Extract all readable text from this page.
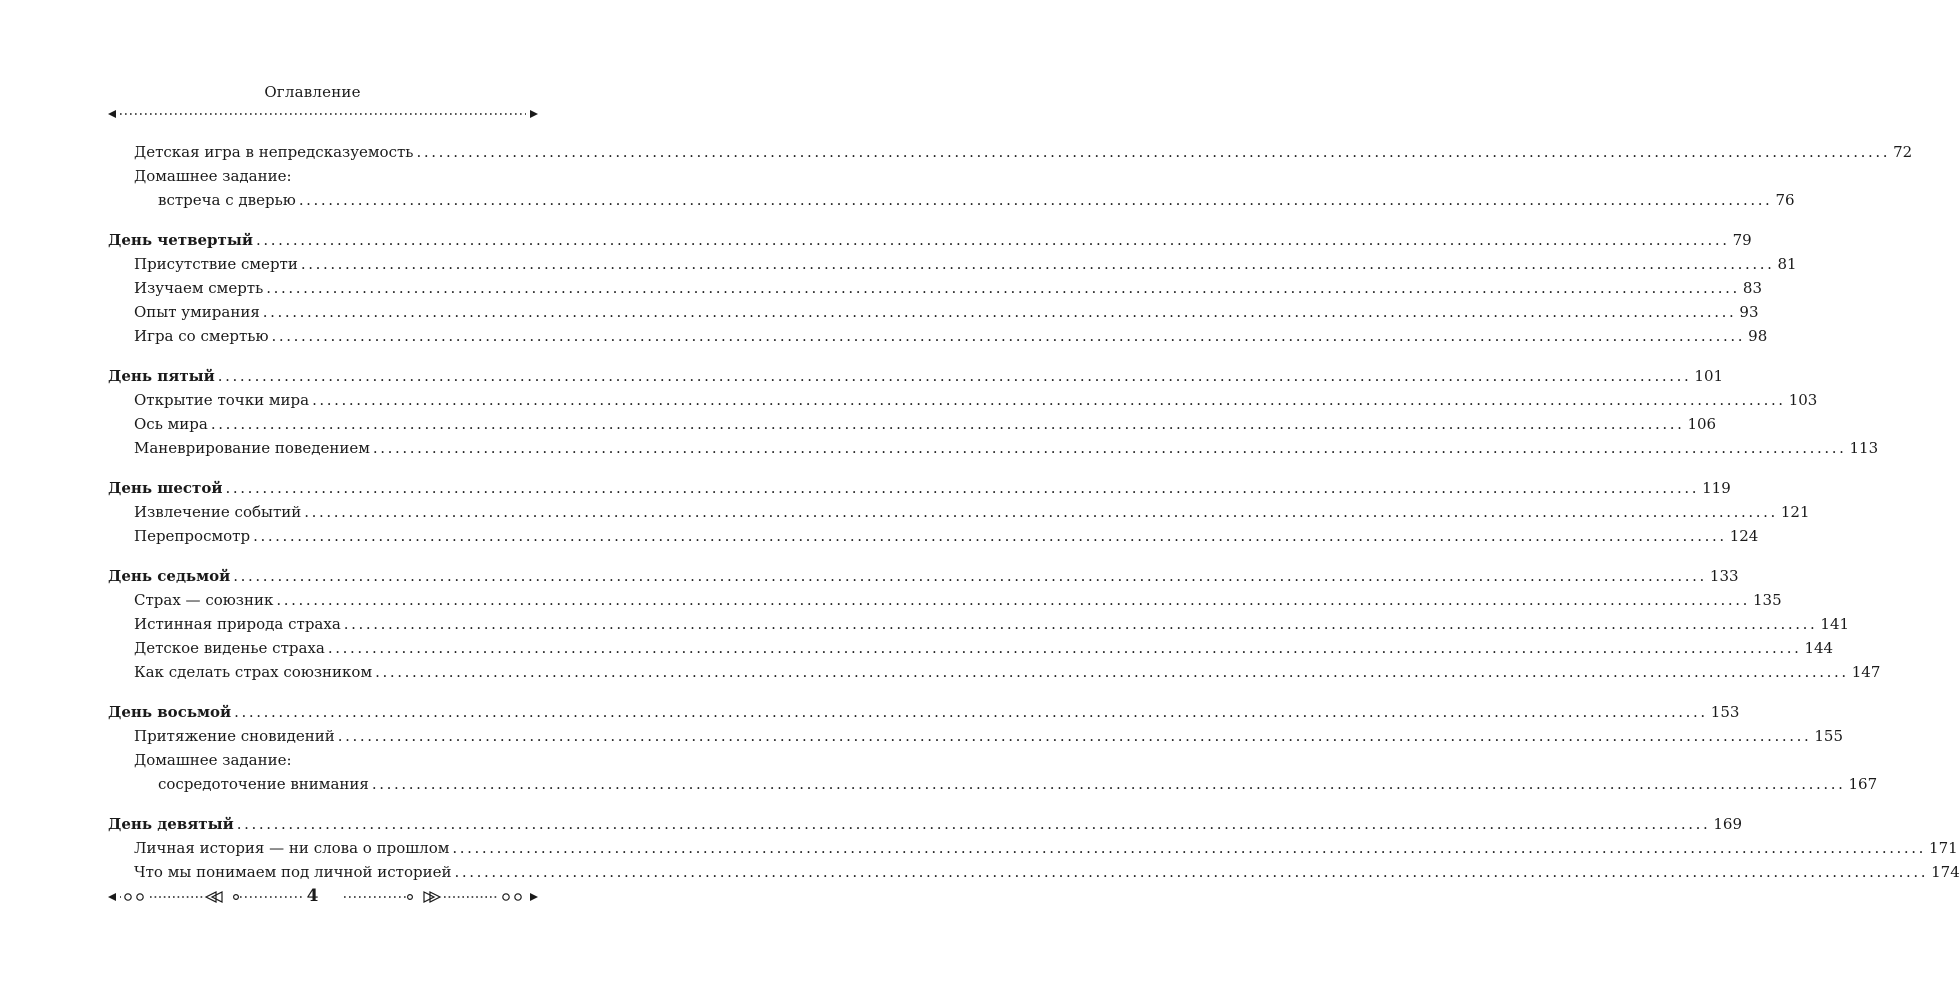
Оглавление
Детская игра в непредсказуемость ........................................................................................................................................................................................................ 72
Домашнее задание:
встреча с дверью ........................................................................................................................................................................................................ 76
День четвертый ........................................................................................................................................................................................................ 79
Присутствие смерти ........................................................................................................................................................................................................ 81
Изучаем смерть ........................................................................................................................................................................................................ 83
Опыт умирания ........................................................................................................................................................................................................ 93
Игра со смертью ........................................................................................................................................................................................................ 98
День пятый ........................................................................................................................................................................................................ 101
Открытие точки мира ........................................................................................................................................................................................................ 103
Ось мира ........................................................................................................................................................................................................ 106
Маневрирование поведением ........................................................................................................................................................................................................ 113
День шестой ........................................................................................................................................................................................................ 119
Извлечение событий ........................................................................................................................................................................................................ 121
Перепросмотр ........................................................................................................................................................................................................ 124
День седьмой ........................................................................................................................................................................................................ 133
Страх — союзник ........................................................................................................................................................................................................ 135
Истинная природа страха ........................................................................................................................................................................................................ 141
Детское виденье страха ........................................................................................................................................................................................................ 144
Как сделать страх союзником ........................................................................................................................................................................................................ 147
День восьмой ........................................................................................................................................................................................................ 153
Притяжение сновидений ........................................................................................................................................................................................................ 155
Домашнее задание:
сосредоточение внимания ........................................................................................................................................................................................................ 167
День девятый ........................................................................................................................................................................................................ 169
Личная история — ни слова о прошлом ........................................................................................................................................................................................................ 171
Что мы понимаем под личной историей ........................................................................................................................................................................................................ 174
4
